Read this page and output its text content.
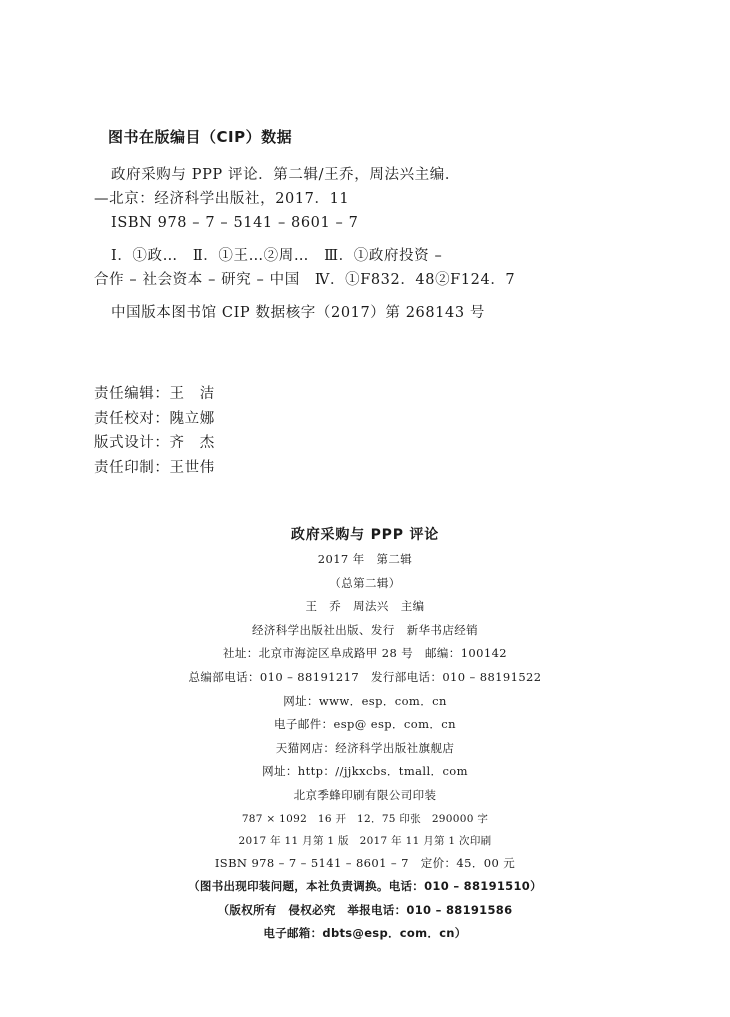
图书在版编目（CIP）数据
政府采购与 PPP 评论．第二辑/王乔，周法兴主编．
—北京：经济科学出版社，2017．11
ISBN 978 – 7 – 5141 – 8601 – 7
Ⅰ．①政…　Ⅱ．①王…②周…　Ⅲ．①政府投资 –
合作 – 社会资本 – 研究 – 中国　Ⅳ．①F832．48②F124．7
中国版本图书馆 CIP 数据核字（2017）第 268143 号
责任编辑：王　洁
责任校对：隗立娜
版式设计：齐　杰
责任印制：王世伟
政府采购与 PPP 评论
2017 年　第二辑
（总第二辑）
王　乔　周法兴　主编
经济科学出版社出版、发行　新华书店经销
社址：北京市海淀区阜成路甲 28 号　邮编：100142
总编部电话：010 – 88191217　发行部电话：010 – 88191522
网址：www．esp．com．cn
电子邮件：esp@ esp．com．cn
天猫网店：经济科学出版社旗舰店
网址：http：//jjkxcbs．tmall．com
北京季蜂印刷有限公司印装
787 × 1092　16 开　12．75 印张　290000 字
2017 年 11 月第 1 版　2017 年 11 月第 1 次印刷
ISBN 978 – 7 – 5141 – 8601 – 7　定价：45．00 元
（图书出现印装问题，本社负责调换。电话：010 – 88191510）
（版权所有　侵权必究　举报电话：010 – 88191586
电子邮箱：dbts@esp．com．cn）
